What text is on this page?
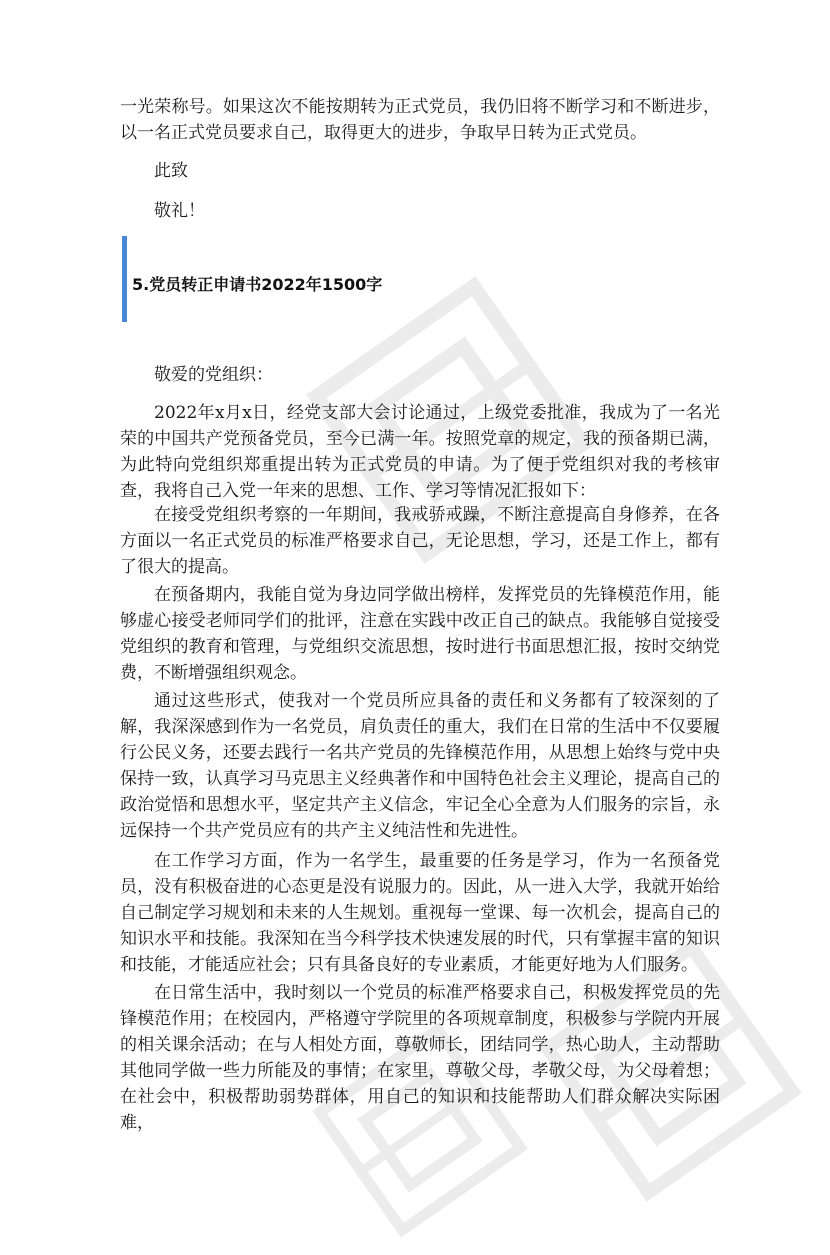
一光荣称号。如果这次不能按期转为正式党员，我仍旧将不断学习和不断进步，以一名正式党员要求自己，取得更大的进步，争取早日转为正式党员。

此致

敬礼！

5.党员转正申请书2022年1500字

敬爱的党组织：

2022年x月x日，经党支部大会讨论通过，上级党委批准，我成为了一名光荣的中国共产党预备党员，至今已满一年。按照党章的规定，我的预备期已满，为此特向党组织郑重提出转为正式党员的申请。为了便于党组织对我的考核审查，我将自己入党一年来的思想、工作、学习等情况汇报如下：

在接受党组织考察的一年期间，我戒骄戒躁，不断注意提高自身修养，在各方面以一名正式党员的标准严格要求自己，无论思想，学习，还是工作上，都有了很大的提高。

在预备期内，我能自觉为身边同学做出榜样，发挥党员的先锋模范作用，能够虚心接受老师同学们的批评，注意在实践中改正自己的缺点。我能够自觉接受党组织的教育和管理，与党组织交流思想，按时进行书面思想汇报，按时交纳党费，不断增强组织观念。

通过这些形式，使我对一个党员所应具备的责任和义务都有了较深刻的了解，我深深感到作为一名党员，肩负责任的重大，我们在日常的生活中不仅要履行公民义务，还要去践行一名共产党员的先锋模范作用，从思想上始终与党中央保持一致，认真学习马克思主义经典著作和中国特色社会主义理论，提高自己的政治觉悟和思想水平，坚定共产主义信念，牢记全心全意为人们服务的宗旨，永远保持一个共产党员应有的共产主义纯洁性和先进性。

在工作学习方面，作为一名学生，最重要的任务是学习，作为一名预备党员，没有积极奋进的心态更是没有说服力的。因此，从一进入大学，我就开始给自己制定学习规划和未来的人生规划。重视每一堂课、每一次机会，提高自己的知识水平和技能。我深知在当今科学技术快速发展的时代，只有掌握丰富的知识和技能，才能适应社会；只有具备良好的专业素质，才能更好地为人们服务。

在日常生活中，我时刻以一个党员的标准严格要求自己，积极发挥党员的先锋模范作用；在校园内，严格遵守学院里的各项规章制度，积极参与学院内开展的相关课余活动；在与人相处方面，尊敬师长，团结同学，热心助人，主动帮助其他同学做一些力所能及的事情；在家里，尊敬父母，孝敬父母，为父母着想；在社会中，积极帮助弱势群体，用自己的知识和技能帮助人们群众解决实际困难，
